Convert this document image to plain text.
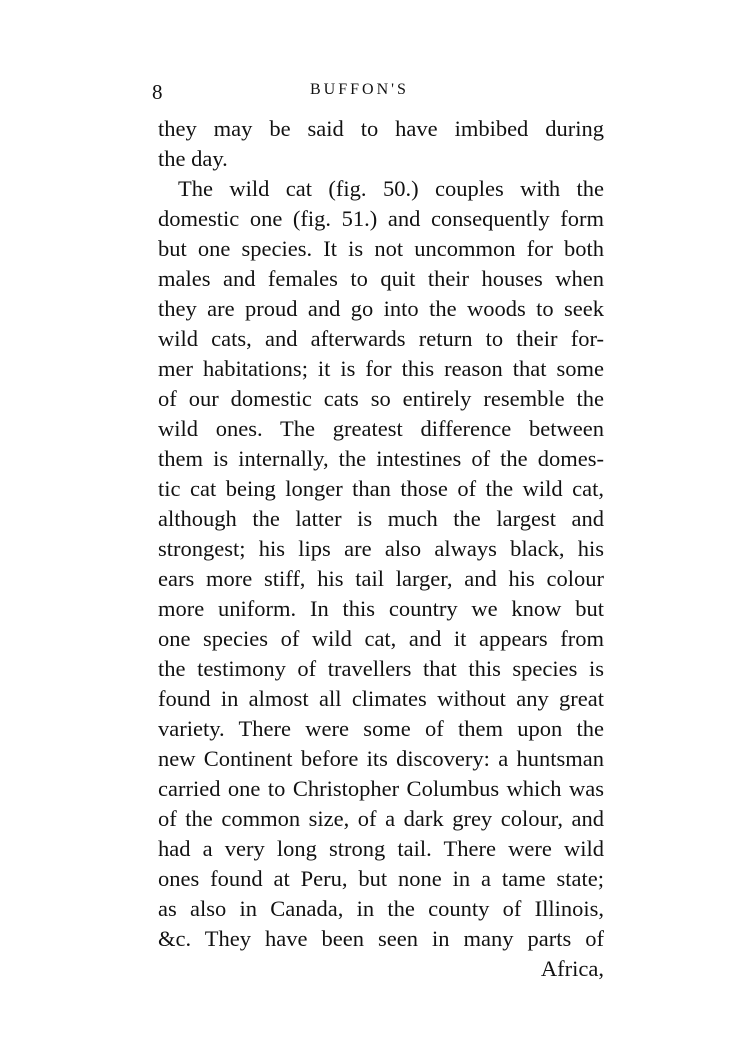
8	BUFFON'S
they may be said to have imbibed during
the day.
The wild cat (fig. 50.) couples with the
domestic one (fig. 51.) and consequently form
but one species. It is not uncommon for both
males and females to quit their houses when
they are proud and go into the woods to seek
wild cats, and afterwards return to their for-
mer habitations; it is for this reason that some
of our domestic cats so entirely resemble the
wild ones. The greatest difference between
them is internally, the intestines of the domes-
tic cat being longer than those of the wild cat,
although the latter is much the largest and
strongest; his lips are also always black, his
ears more stiff, his tail larger, and his colour
more uniform. In this country we know but
one species of wild cat, and it appears from
the testimony of travellers that this species is
found in almost all climates without any great
variety. There were some of them upon the
new Continent before its discovery: a huntsman
carried one to Christopher Columbus which was
of the common size, of a dark grey colour, and
had a very long strong tail. There were wild
ones found at Peru, but none in a tame state;
as also in Canada, in the county of Illinois,
&c. They have been seen in many parts of
Africa,
